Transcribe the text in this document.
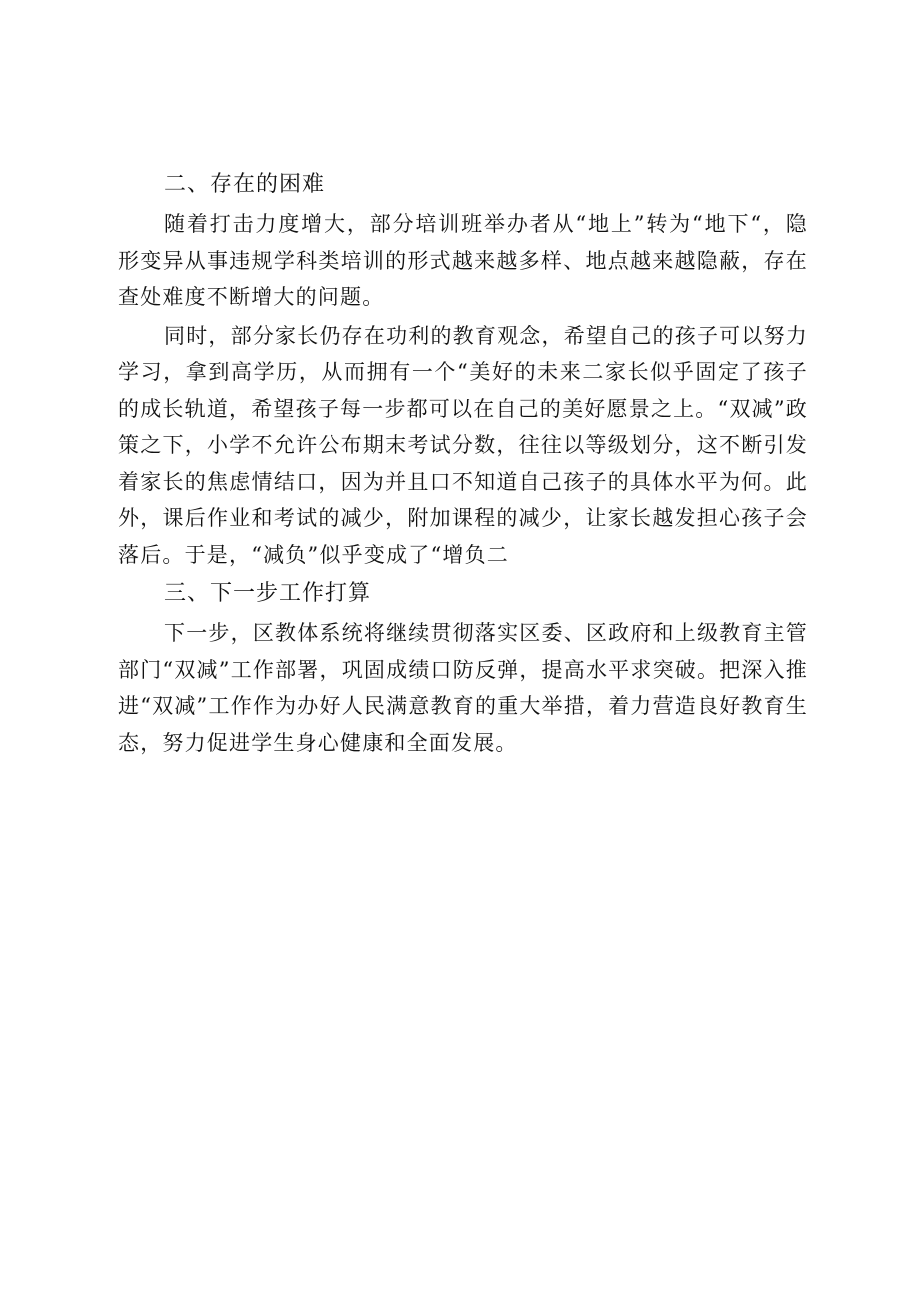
二、存在的困难

随着打击力度增大，部分培训班举办者从“地上”转为“地下“，隐形变异从事违规学科类培训的形式越来越多样、地点越来越隐蔽，存在查处难度不断增大的问题。

同时，部分家长仍存在功利的教育观念，希望自己的孩子可以努力学习，拿到高学历，从而拥有一个“美好的未来二家长似乎固定了孩子的成长轨道，希望孩子每一步都可以在自己的美好愿景之上。“双减”政策之下，小学不允许公布期末考试分数，往往以等级划分，这不断引发着家长的焦虑情结口，因为并且口不知道自己孩子的具体水平为何。此外，课后作业和考试的减少，附加课程的减少，让家长越发担心孩子会落后。于是，“减负”似乎变成了“增负二

三、下一步工作打算

下一步，区教体系统将继续贯彻落实区委、区政府和上级教育主管部门“双减”工作部署，巩固成绩口防反弹，提高水平求突破。把深入推进“双减”工作作为办好人民满意教育的重大举措，着力营造良好教育生态，努力促进学生身心健康和全面发展。
